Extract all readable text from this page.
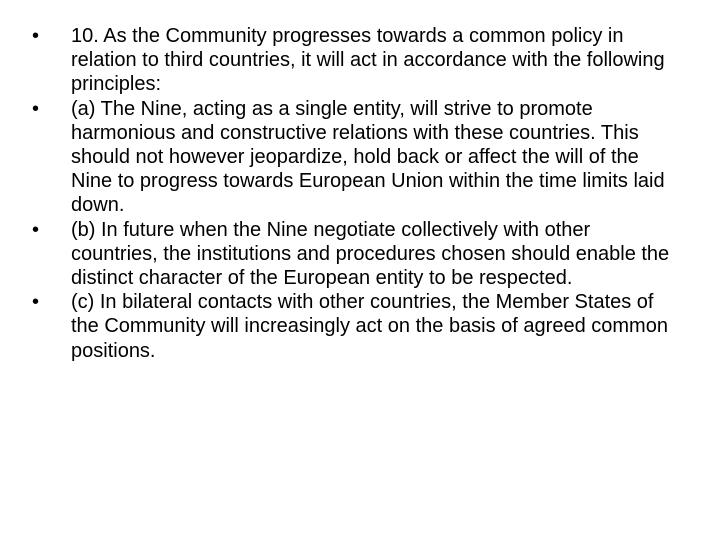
•	10. As the Community progresses towards a common policy in relation to third countries, it will act in accordance with the following principles:
•	(a) The Nine, acting as a single entity, will strive to promote harmonious and constructive relations with these countries. This should not however jeopardize, hold back or affect the will of the Nine to progress towards European Union within the time limits laid down.
•	(b) In future when the Nine negotiate collectively with other countries, the institutions and procedures chosen should enable the distinct character of the European entity to be respected.
•	(c) In bilateral contacts with other countries, the Member States of the Community will increasingly act on the basis of agreed common positions.
